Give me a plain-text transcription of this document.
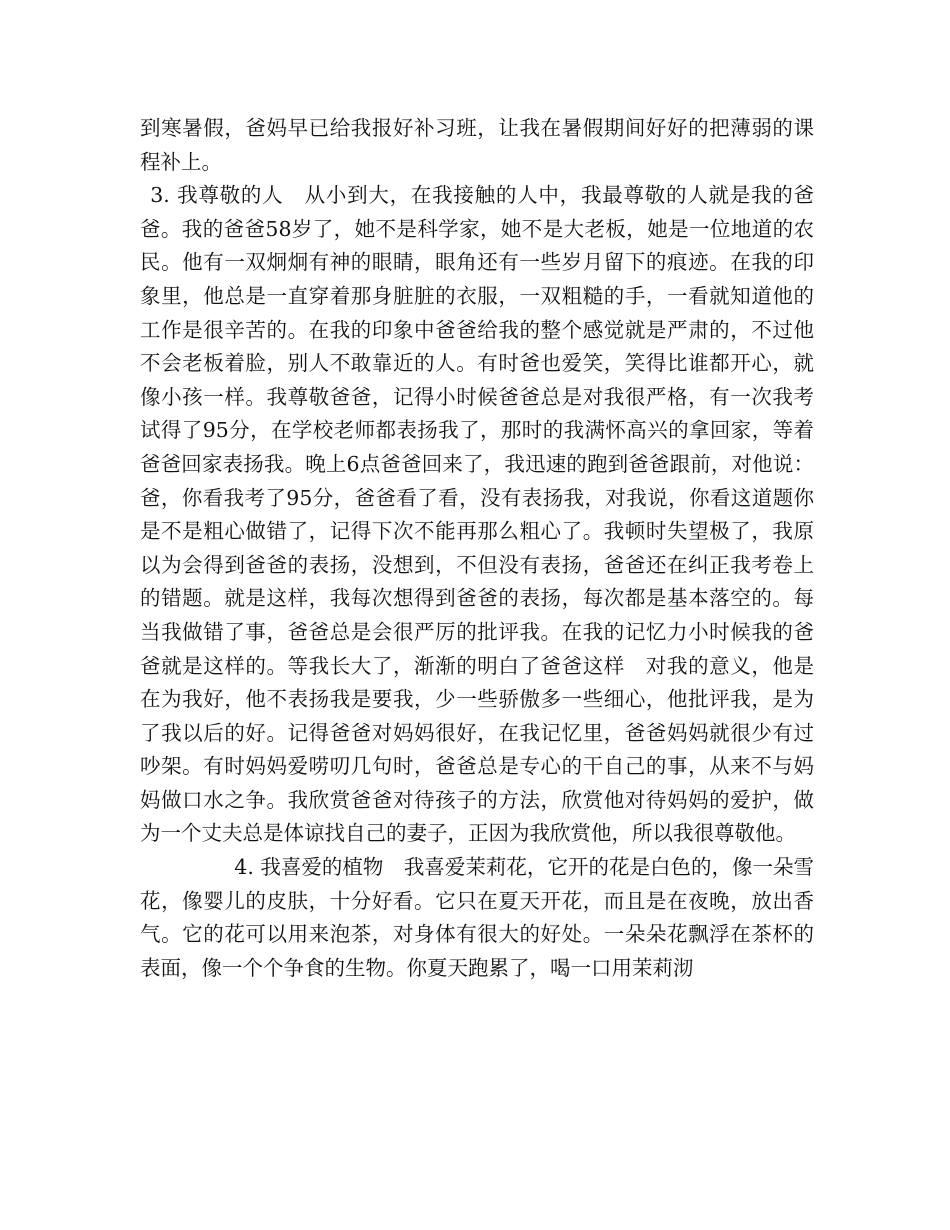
到寒暑假，爸妈早已给我报好补习班，让我在暑假期间好好的把薄弱的课程补上。

3. 我尊敬的人　从小到大，在我接触的人中，我最尊敬的人就是我的爸爸。我的爸爸58岁了，她不是科学家，她不是大老板，她是一位地道的农民。他有一双炯炯有神的眼睛，眼角还有一些岁月留下的痕迹。在我的印象里，他总是一直穿着那身脏脏的衣服，一双粗糙的手，一看就知道他的工作是很辛苦的。在我的印象中爸爸给我的整个感觉就是严肃的，不过他不会老板着脸，别人不敢靠近的人。有时爸也爱笑，笑得比谁都开心，就像小孩一样。我尊敬爸爸，记得小时候爸爸总是对我很严格，有一次我考试得了95分，在学校老师都表扬我了，那时的我满怀高兴的拿回家，等着爸爸回家表扬我。晚上6点爸爸回来了，我迅速的跑到爸爸跟前，对他说：爸，你看我考了95分，爸爸看了看，没有表扬我，对我说，你看这道题你是不是粗心做错了，记得下次不能再那么粗心了。我顿时失望极了，我原以为会得到爸爸的表扬，没想到，不但没有表扬，爸爸还在纠正我考卷上的错题。就是这样，我每次想得到爸爸的表扬，每次都是基本落空的。每当我做错了事，爸爸总是会很严厉的批评我。在我的记忆力小时候我的爸爸就是这样的。等我长大了，渐渐的明白了爸爸这样　对我的意义，他是在为我好，他不表扬我是要我，少一些骄傲多一些细心，他批评我，是为了我以后的好。记得爸爸对妈妈很好，在我记忆里，爸爸妈妈就很少有过吵架。有时妈妈爱唠叨几句时，爸爸总是专心的干自己的事，从来不与妈妈做口水之争。我欣赏爸爸对待孩子的方法，欣赏他对待妈妈的爱护，做为一个丈夫总是体谅找自己的妻子，正因为我欣赏他，所以我很尊敬他。

4. 我喜爱的植物　我喜爱茉莉花，它开的花是白色的，像一朵雪花，像婴儿的皮肤，十分好看。它只在夏天开花，而且是在夜晚，放出香气。它的花可以用来泡茶，对身体有很大的好处。一朵朵花飘浮在茶杯的表面，像一个个争食的生物。你夏天跑累了，喝一口用茉莉沏
